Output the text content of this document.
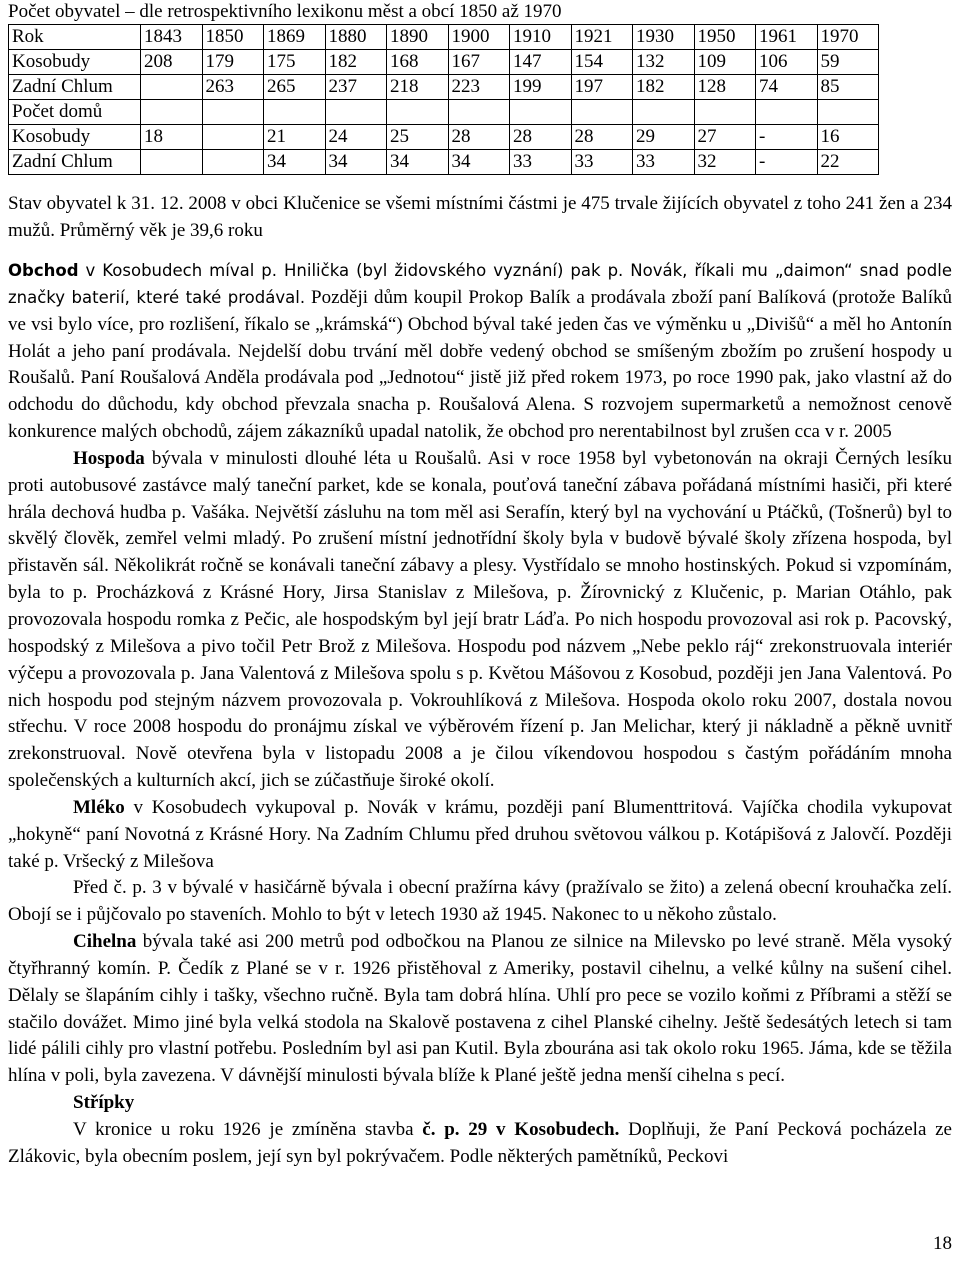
Počet obyvatel – dle retrospektivního lexikonu měst a obcí 1850 až 1970
Rok	1843	1850	1869	1880	1890	1900	1910	1921	1930	1950	1961	1970
Kosobudy	208	179	175	182	168	167	147	154	132	109	106	59
Zadní Chlum		263	265	237	218	223	199	197	182	128	74	85
Počet domů												
Kosobudy	18		21	24	25	28	28	28	29	27	-	16
Zadní Chlum			34	34	34	34	33	33	33	32	-	22
Stav obyvatel k 31. 12. 2008 v obci Klučenice se všemi místními částmi je 475 trvale žijících obyvatel z toho 241 žen a 234 mužů. Průměrný věk je 39,6 roku

Obchod v Kosobudech míval p. Hnilička (byl židovského vyznání) pak p. Novák, říkali mu „daimon“ snad podle značky baterií, které také prodával. Později dům koupil Prokop Balík a prodávala zboží paní Balíková (protože Balíků ve vsi bylo více, pro rozlišení, říkalo se „krámská“) Obchod býval také jeden čas ve výměnku u „Divišů“ a měl ho Antonín Holát a jeho paní prodávala. Nejdelší dobu trvání měl dobře vedený obchod se smíšeným zbožím po zrušení hospody u Roušalů. Paní Roušalová Anděla prodávala pod „Jednotou“ jistě již před rokem 1973, po roce 1990 pak, jako vlastní až do odchodu do důchodu, kdy obchod převzala snacha p. Roušalová Alena. S rozvojem supermarketů a nemožnost cenově konkurence malých obchodů, zájem zákazníků upadal natolik, že obchod pro nerentabilnost byl zrušen cca v r. 2005

Hospoda bývala v minulosti dlouhé léta u Roušalů. Asi v roce 1958 byl vybetonován na okraji Černých lesíku proti autobusové zastávce malý taneční parket, kde se konala, pouťová taneční zábava pořádaná místními hasiči, při které hrála dechová hudba p. Vašáka. Největší zásluhu na tom měl asi Serafín, který byl na vychování u Ptáčků, (Tošnerů) byl to skvělý člověk, zemřel velmi mladý. Po zrušení místní jednotřídní školy byla v budově bývalé školy zřízena hospoda, byl přistavěn sál. Několikrát ročně se konávali taneční zábavy a plesy. Vystřídalo se mnoho hostinských. Pokud si vzpomínám, byla to p. Procházková z Krásné Hory, Jirsa Stanislav z Milešova, p. Žírovnický z Klučenic, p. Marian Otáhlo, pak provozovala hospodu romka z Pečic, ale hospodským byl její bratr Láďa. Po nich hospodu provozoval asi rok p. Pacovský, hospodský z Milešova a pivo točil Petr Brož z Milešova. Hospodu pod názvem „Nebe peklo ráj“ zrekonstruovala interiér výčepu a provozovala p. Jana Valentová z Milešova spolu s p. Květou Mášovou z Kosobud, později jen Jana Valentová. Po nich hospodu pod stejným názvem provozovala p. Vokrouhlíková z Milešova. Hospoda okolo roku 2007, dostala novou střechu. V roce 2008 hospodu do pronájmu získal ve výběrovém řízení p. Jan Melichar, který ji nákladně a pěkně uvnitř zrekonstruoval. Nově otevřena byla v listopadu 2008 a je čilou víkendovou hospodou s častým pořádáním mnoha společenských a kulturních akcí, jich se zúčastňuje široké okolí.

Mléko v Kosobudech vykupoval p. Novák v krámu, později paní Blumenttritová. Vajíčka chodila vykupovat „hokyně“ paní Novotná z Krásné Hory. Na Zadním Chlumu před druhou světovou válkou p. Kotápišová z Jalovčí. Později také p. Vršecký z Milešova

Před č. p. 3 v bývalé v hasičárně bývala i obecní pražírna kávy (pražívalo se žito) a zelená obecní krouhačka zelí. Obojí se i půjčovalo po staveních. Mohlo to být v letech 1930 až 1945. Nakonec to u někoho zůstalo.

Cihelna bývala také asi 200 metrů pod odbočkou na Planou ze silnice na Milevsko po levé straně. Měla vysoký čtyřhranný komín. P. Čedík z Plané se v r. 1926 přistěhoval z Ameriky, postavil cihelnu, a velké kůlny na sušení cihel. Dělaly se šlapáním cihly i tašky, všechno ručně. Byla tam dobrá hlína. Uhlí pro pece se vozilo koňmi z Příbrami a stěží se stačilo dovážet. Mimo jiné byla velká stodola na Skalově postavena z cihel Planské cihelny. Ještě šedesátých letech si tam lidé pálili cihly pro vlastní potřebu. Posledním byl asi pan Kutil. Byla zbourána asi tak okolo roku 1965. Jáma, kde se těžila hlína v poli, byla zavezena. V dávnější minulosti bývala blíže k Plané ještě jedna menší cihelna s pecí.

Střípky

V kronice u roku 1926 je zmíněna stavba č. p. 29 v Kosobudech. Doplňuji, že Paní Pecková pocházela ze Zlákovic, byla obecním poslem, její syn byl pokrývačem. Podle některých pamětníků, Peckovi

18
